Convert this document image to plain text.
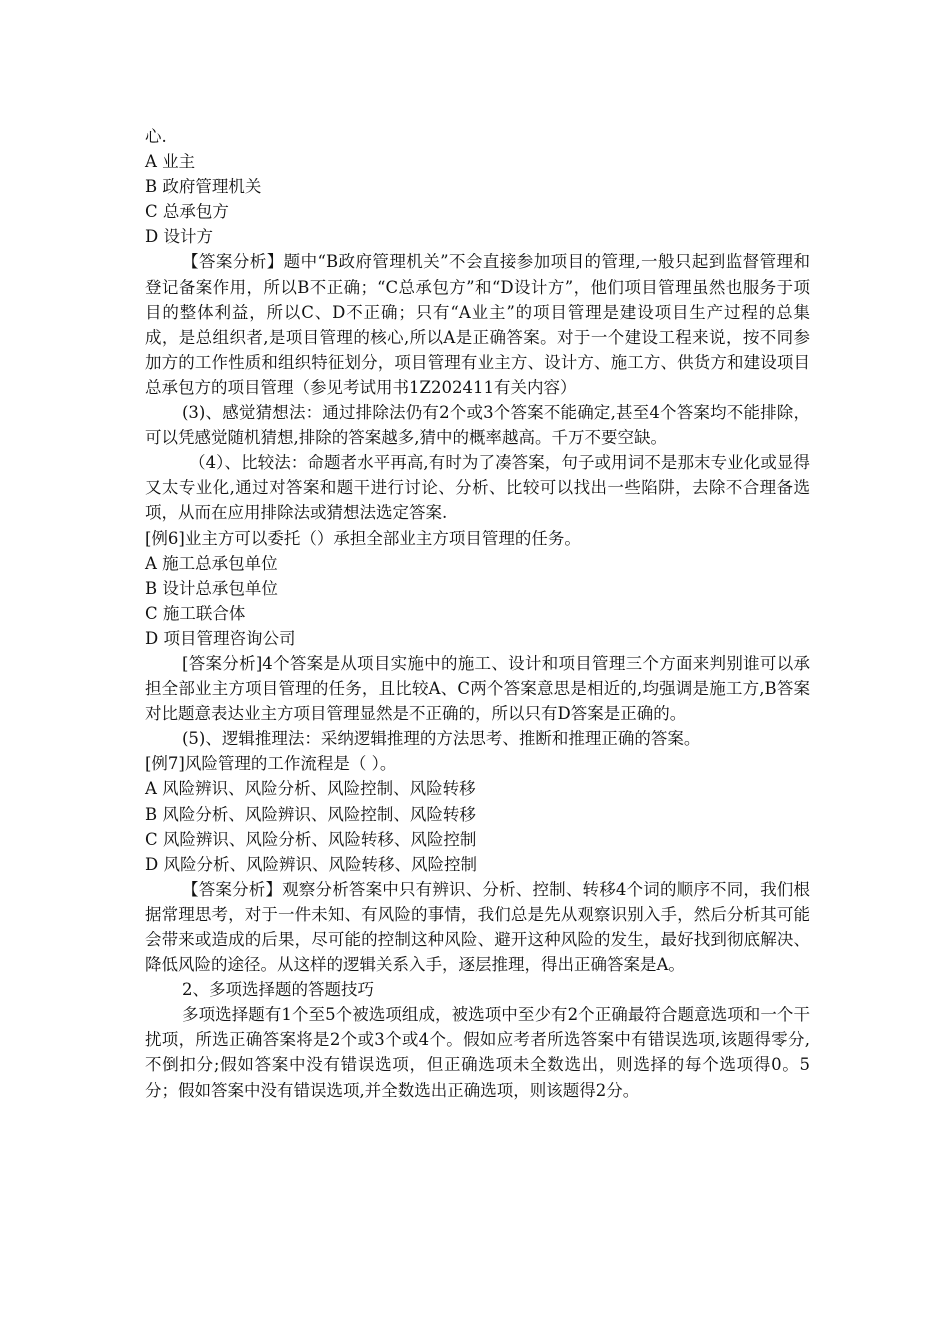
心.

A 业主

B 政府管理机关

C 总承包方

D 设计方

【答案分析】题中“B政府管理机关”不会直接参加项目的管理,一般只起到监督管理和登记备案作用，所以B不正确；“C总承包方”和“D设计方”，他们项目管理虽然也服务于项目的整体利益，所以C、D不正确；只有“A业主”的项目管理是建设项目生产过程的总集成，是总组织者,是项目管理的核心,所以A是正确答案。对于一个建设工程来说，按不同参加方的工作性质和组织特征划分，项目管理有业主方、设计方、施工方、供货方和建设项目总承包方的项目管理（参见考试用书1Z202411有关内容）

(3)、感觉猜想法：通过排除法仍有2个或3个答案不能确定,甚至4个答案均不能排除，可以凭感觉随机猜想,排除的答案越多,猜中的概率越高。千万不要空缺。

（4）、比较法：命题者水平再高,有时为了凑答案，句子或用词不是那末专业化或显得又太专业化,通过对答案和题干进行讨论、分析、比较可以找出一些陷阱，去除不合理备选项，从而在应用排除法或猜想法选定答案.

[例6]业主方可以委托（）承担全部业主方项目管理的任务。

A 施工总承包单位

B 设计总承包单位

C 施工联合体

D 项目管理咨询公司

[答案分析]4个答案是从项目实施中的施工、设计和项目管理三个方面来判别谁可以承担全部业主方项目管理的任务，且比较A、C两个答案意思是相近的,均强调是施工方,B答案对比题意表达业主方项目管理显然是不正确的，所以只有D答案是正确的。

(5)、逻辑推理法：采纳逻辑推理的方法思考、推断和推理正确的答案。

[例7]风险管理的工作流程是（ ）。

A 风险辨识、风险分析、风险控制、风险转移

B 风险分析、风险辨识、风险控制、风险转移

C 风险辨识、风险分析、风险转移、风险控制

D 风险分析、风险辨识、风险转移、风险控制

【答案分析】观察分析答案中只有辨识、分析、控制、转移4个词的顺序不同，我们根据常理思考，对于一件未知、有风险的事情，我们总是先从观察识别入手，然后分析其可能会带来或造成的后果，尽可能的控制这种风险、避开这种风险的发生，最好找到彻底解决、降低风险的途径。从这样的逻辑关系入手，逐层推理，得出正确答案是A。

2、多项选择题的答题技巧

多项选择题有1个至5个被选项组成，被选项中至少有2个正确最符合题意选项和一个干扰项，所选正确答案将是2个或3个或4个。假如应考者所选答案中有错误选项,该题得零分,不倒扣分;假如答案中没有错误选项，但正确选项未全数选出，则选择的每个选项得0。5分；假如答案中没有错误选项,并全数选出正确选项，则该题得2分。
